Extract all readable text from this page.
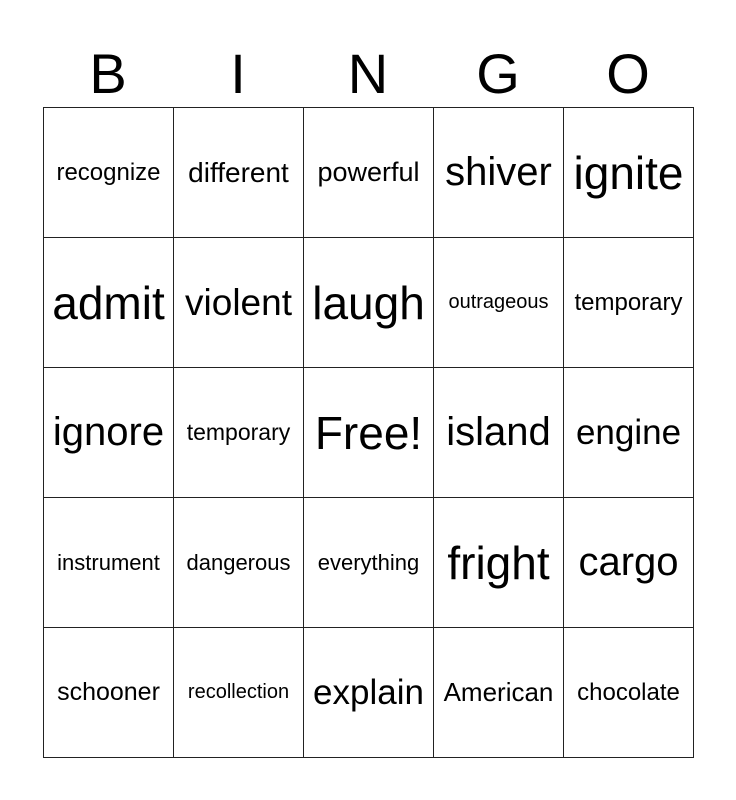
B	I	N	G	O
recognize different powerful shiver ignite
admit violent laugh outrageous temporary
ignore temporary Free! island engine
instrument dangerous everything fright cargo
schooner recollection explain American chocolate
